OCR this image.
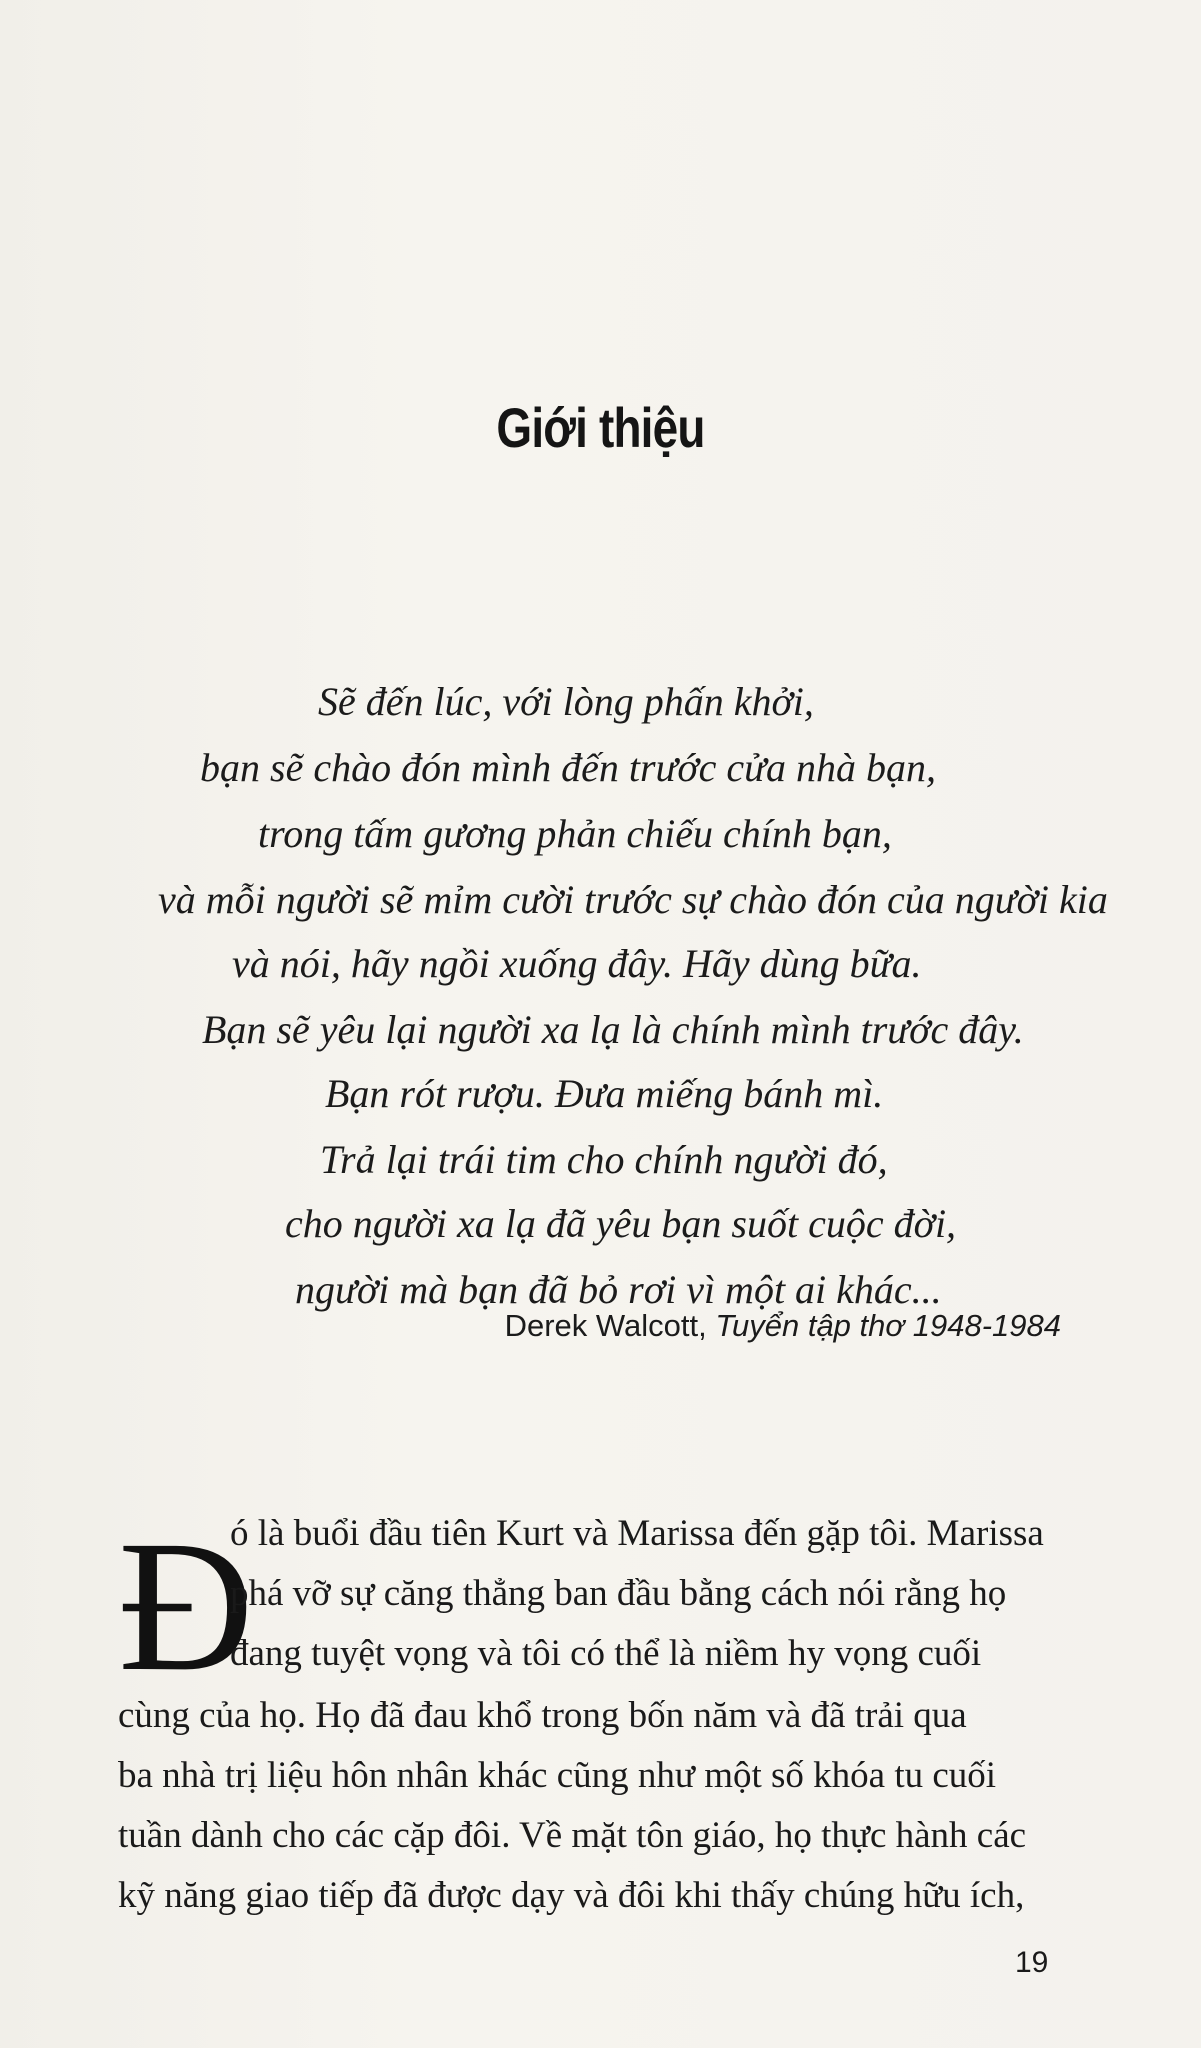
Giới thiệu
Sẽ đến lúc, với lòng phấn khởi,
bạn sẽ chào đón mình đến trước cửa nhà bạn,
trong tấm gương phản chiếu chính bạn,
và mỗi người sẽ mỉm cười trước sự chào đón của người kia
và nói, hãy ngồi xuống đây. Hãy dùng bữa.
Bạn sẽ yêu lại người xa lạ là chính mình trước đây.
Bạn rót rượu. Đưa miếng bánh mì.
Trả lại trái tim cho chính người đó,
cho người xa lạ đã yêu bạn suốt cuộc đời,
người mà bạn đã bỏ rơi vì một ai khác...
Derek Walcott, Tuyển tập thơ 1948-1984
Đ
ó là buổi đầu tiên Kurt và Marissa đến gặp tôi. Marissa
phá vỡ sự căng thẳng ban đầu bằng cách nói rằng họ
đang tuyệt vọng và tôi có thể là niềm hy vọng cuối
cùng của họ. Họ đã đau khổ trong bốn năm và đã trải qua
ba nhà trị liệu hôn nhân khác cũng như một số khóa tu cuối
tuần dành cho các cặp đôi. Về mặt tôn giáo, họ thực hành các
kỹ năng giao tiếp đã được dạy và đôi khi thấy chúng hữu ích,
19
